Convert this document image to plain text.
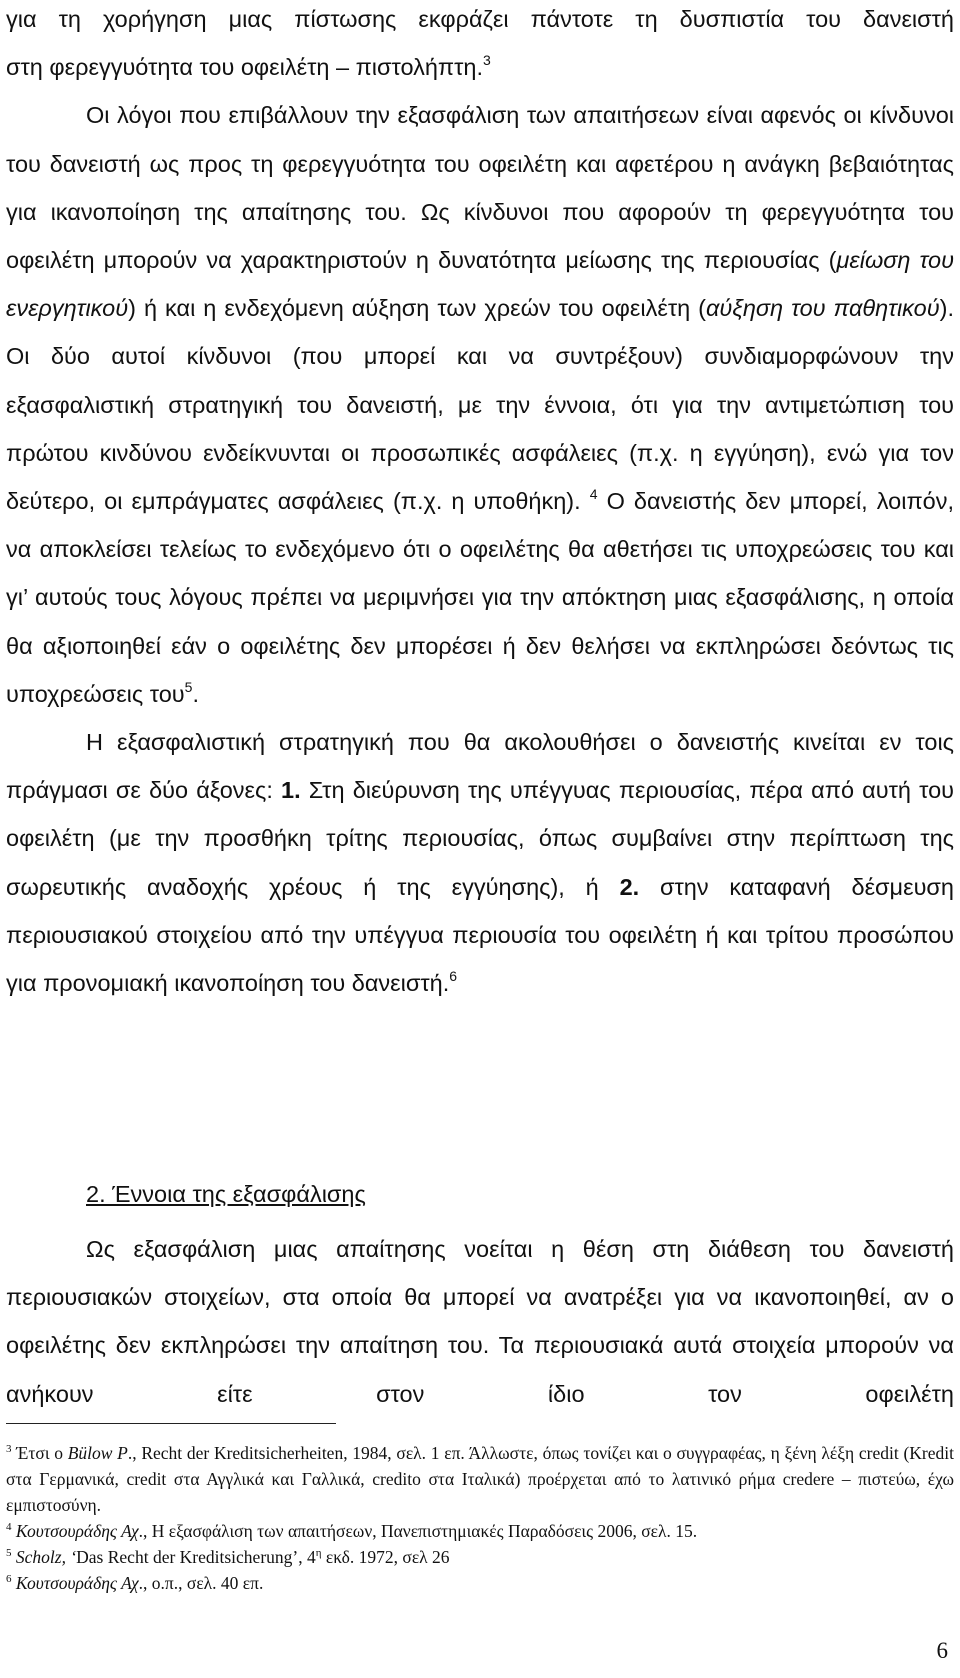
για τη χορήγηση μιας πίστωσης εκφράζει πάντοτε τη δυσπιστία του δανειστή

στη φερεγγυότητα του οφειλέτη – πιστολήπτη.$^3$

Οι λόγοι που επιβάλλουν την εξασφάλιση των απαιτήσεων είναι αφενός οι κίνδυνοι του δανειστή ως προς τη φερεγγυότητα του οφειλέτη και αφετέρου η ανάγκη βεβαιότητας για ικανοποίηση της απαίτησης του. Ως κίνδυνοι που αφορούν τη φερεγγυότητα του οφειλέτη μπορούν να χαρακτηριστούν η δυνατότητα μείωσης της περιουσίας (μείωση του ενεργητικού) ή και η ενδεχόμενη αύξηση των χρεών του οφειλέτη (αύξηση του παθητικού). Οι δύο αυτοί κίνδυνοι (που μπορεί και να συντρέξουν) συνδιαμορφώνουν την εξασφαλιστική στρατηγική του δανειστή, με την έννοια, ότι για την αντιμετώπιση του πρώτου κινδύνου ενδείκνυνται οι προσωπικές ασφάλειες (π.χ. η εγγύηση), ενώ για τον δεύτερο, οι εμπράγματες ασφάλειες (π.χ. η υποθήκη). $^4$ Ο δανειστής δεν μπορεί, λοιπόν, να αποκλείσει τελείως το ενδεχόμενο ότι ο οφειλέτης θα αθετήσει τις υποχρεώσεις του και γι’ αυτούς τους λόγους πρέπει να μεριμνήσει για την απόκτηση μιας εξασφάλισης, η οποία θα αξιοποιηθεί εάν ο οφειλέτης δεν μπορέσει ή δεν θελήσει να εκπληρώσει δεόντως τις υποχρεώσεις του$^5$.

Η εξασφαλιστική στρατηγική που θα ακολουθήσει ο δανειστής κινείται εν τοις πράγμασι σε δύο άξονες: 1. Στη διεύρυνση της υπέγγυας περιουσίας, πέρα από αυτή του οφειλέτη (με την προσθήκη τρίτης περιουσίας, όπως συμβαίνει στην περίπτωση της σωρευτικής αναδοχής χρέους ή της εγγύησης), ή 2. στην καταφανή δέσμευση περιουσιακού στοιχείου από την υπέγγυα περιουσία του οφειλέτη ή και τρίτου προσώπου για προνομιακή ικανοποίηση του δανειστή.$^6$

2. Έννοια της εξασφάλισης

Ως εξασφάλιση μιας απαίτησης νοείται η θέση στη διάθεση του δανειστή περιουσιακών στοιχείων, στα οποία θα μπορεί να ανατρέξει για να ικανοποιηθεί, αν ο οφειλέτης δεν εκπληρώσει την απαίτηση του. Τα περιουσιακά αυτά στοιχεία μπορούν να ανήκουν είτε στον ίδιο τον οφειλέτη

$^3$ Έτσι ο Bülow P., Recht der Kreditsicherheiten, 1984, σελ. 1 επ. Άλλωστε, όπως τονίζει και ο συγγραφέας, η ξένη λέξη credit (Kredit στα Γερμανικά, credit στα Αγγλικά και Γαλλικά, credito στα Ιταλικά) προέρχεται από το λατινικό ρήμα credere – πιστεύω, έχω εμπιστοσύνη.

$^4$ Κουτσουράδης Αχ., Η εξασφάλιση των απαιτήσεων, Πανεπιστημιακές Παραδόσεις 2006, σελ. 15.

$^5$ Scholz, ‘Das Recht der Kreditsicherung’, $4^\eta$ εκδ. 1972, σελ 26

$^6$ Κουτσουράδης Αχ., ο.π., σελ. 40 επ.

6
